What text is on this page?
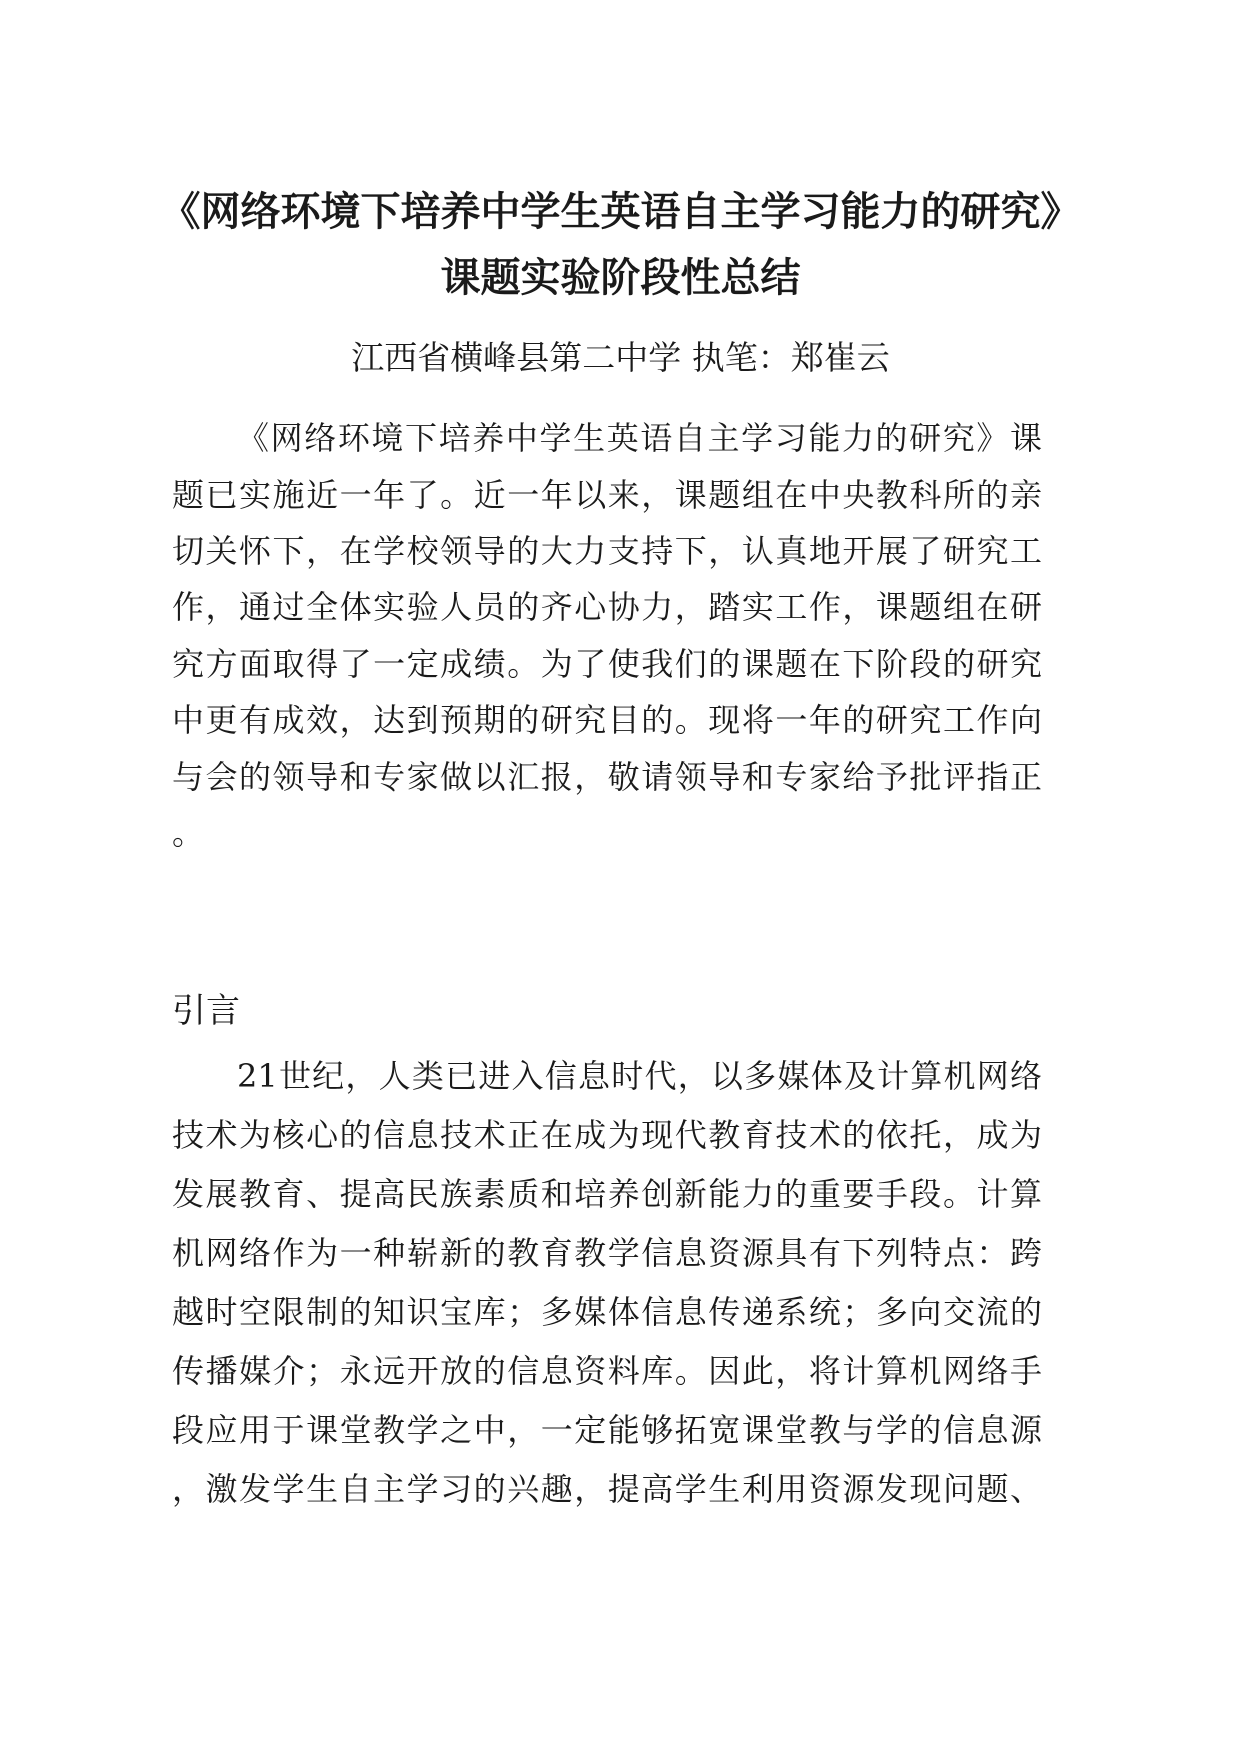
《网络环境下培养中学生英语自主学习能力的研究》
课题实验阶段性总结
江西省横峰县第二中学 执笔：郑崔云
《网络环境下培养中学生英语自主学习能力的研究》课
题已实施近一年了。近一年以来，课题组在中央教科所的亲
切关怀下，在学校领导的大力支持下，认真地开展了研究工
作，通过全体实验人员的齐心协力，踏实工作，课题组在研
究方面取得了一定成绩。为了使我们的课题在下阶段的研究
中更有成效，达到预期的研究目的。现将一年的研究工作向
与会的领导和专家做以汇报，敬请领导和专家给予批评指正
。
引言
21世纪，人类已进入信息时代，以多媒体及计算机网络
技术为核心的信息技术正在成为现代教育技术的依托，成为
发展教育、提高民族素质和培养创新能力的重要手段。计算
机网络作为一种崭新的教育教学信息资源具有下列特点：跨
越时空限制的知识宝库；多媒体信息传递系统；多向交流的
传播媒介；永远开放的信息资料库。因此，将计算机网络手
段应用于课堂教学之中，一定能够拓宽课堂教与学的信息源
，激发学生自主学习的兴趣，提高学生利用资源发现问题、
